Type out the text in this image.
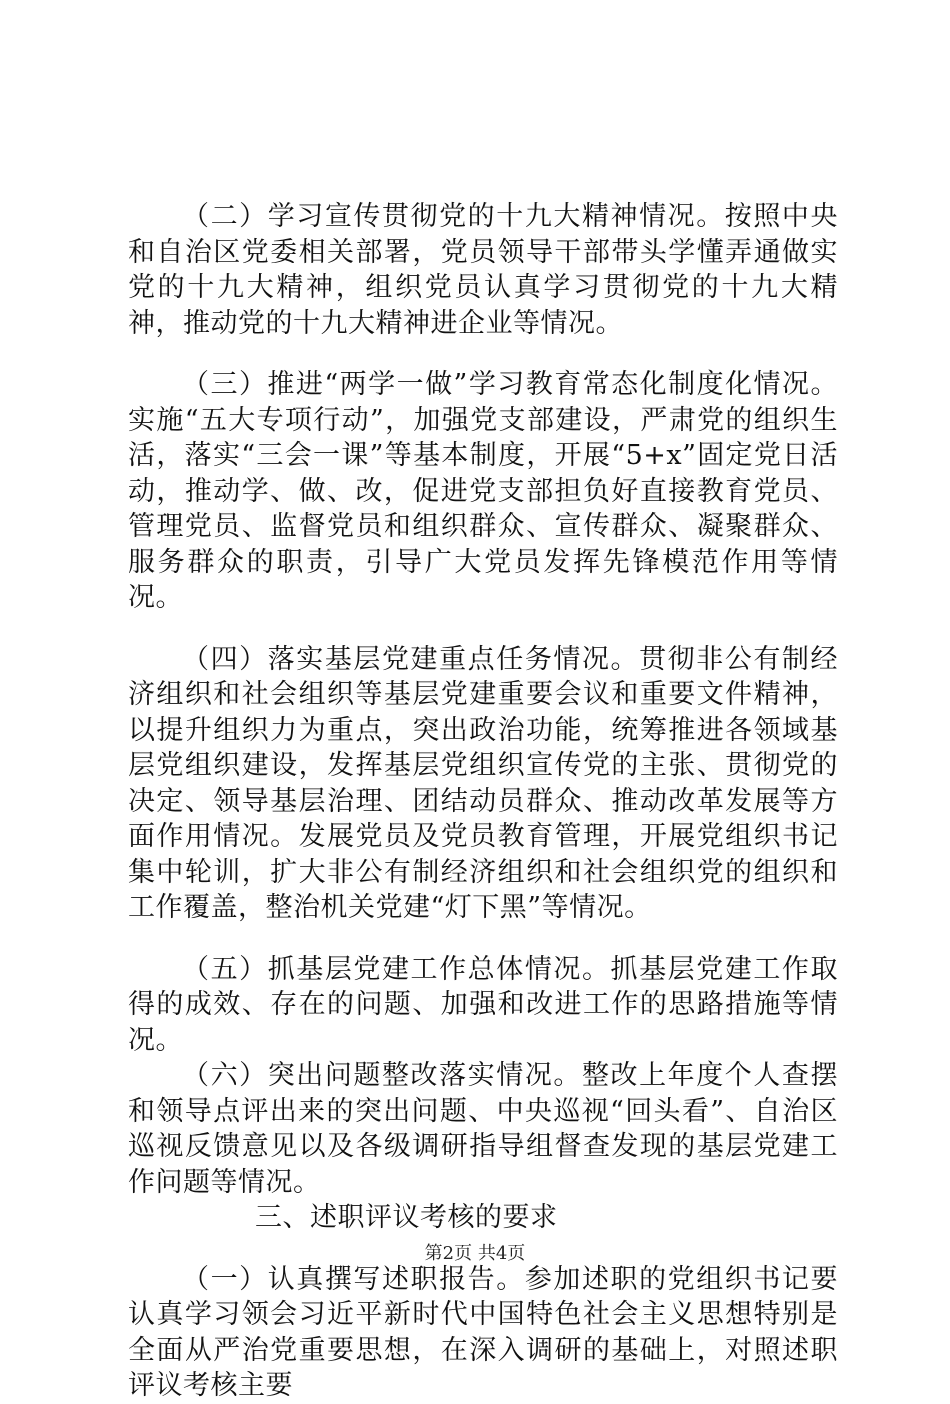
（二）学习宣传贯彻党的十九大精神情况。按照中央和自治区党委相关部署，党员领导干部带头学懂弄通做实党的十九大精神，组织党员认真学习贯彻党的十九大精神，推动党的十九大精神进企业等情况。

（三）推进“两学一做”学习教育常态化制度化情况。实施“五大专项行动”，加强党支部建设，严肃党的组织生活，落实“三会一课”等基本制度，开展“5+x”固定党日活动，推动学、做、改，促进党支部担负好直接教育党员、管理党员、监督党员和组织群众、宣传群众、凝聚群众、服务群众的职责，引导广大党员发挥先锋模范作用等情况。

（四）落实基层党建重点任务情况。贯彻非公有制经济组织和社会组织等基层党建重要会议和重要文件精神，以提升组织力为重点，突出政治功能，统筹推进各领域基层党组织建设，发挥基层党组织宣传党的主张、贯彻党的决定、领导基层治理、团结动员群众、推动改革发展等方面作用情况。发展党员及党员教育管理，开展党组织书记集中轮训，扩大非公有制经济组织和社会组织党的组织和工作覆盖，整治机关党建“灯下黑”等情况。

（五）抓基层党建工作总体情况。抓基层党建工作取得的成效、存在的问题、加强和改进工作的思路措施等情况。

（六）突出问题整改落实情况。整改上年度个人查摆和领导点评出来的突出问题、中央巡视“回头看”、自治区巡视反馈意见以及各级调研指导组督查发现的基层党建工作问题等情况。

三、述职评议考核的要求

（一）认真撰写述职报告。参加述职的党组织书记要认真学习领会习近平新时代中国特色社会主义思想特别是全面从严治党重要思想，在深入调研的基础上，对照述职评议考核主要

第2页 共4页
